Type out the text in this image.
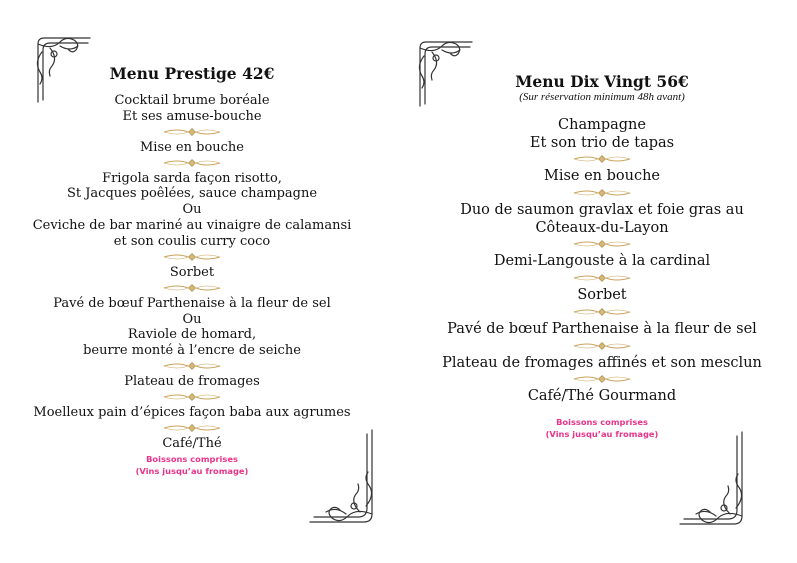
Menu Prestige 42€
Cocktail brume boréale
Et ses amuse-bouche
Mise en bouche
Frigola sarda façon risotto,
St Jacques poêlées, sauce champagne
Ou
Ceviche de bar mariné au vinaigre de calamansi
et son coulis curry coco
Sorbet
Pavé de bœuf Parthenaise à la fleur de sel
Ou
Raviole de homard,
beurre monté à l’encre de seiche
Plateau de fromages
Moelleux pain d’épices façon baba aux agrumes
Café/Thé
Boissons comprises
(Vins jusqu’au fromage)
Menu Dix Vingt 56€
(Sur réservation minimum 48h avant)
Champagne
Et son trio de tapas
Mise en bouche
Duo de saumon gravlax et foie gras au
Côteaux-du-Layon
Demi-Langouste à la cardinal
Sorbet
Pavé de bœuf Parthenaise à la fleur de sel
Plateau de fromages affinés et son mesclun
Café/Thé Gourmand
Boissons comprises
(Vins jusqu’au fromage)
